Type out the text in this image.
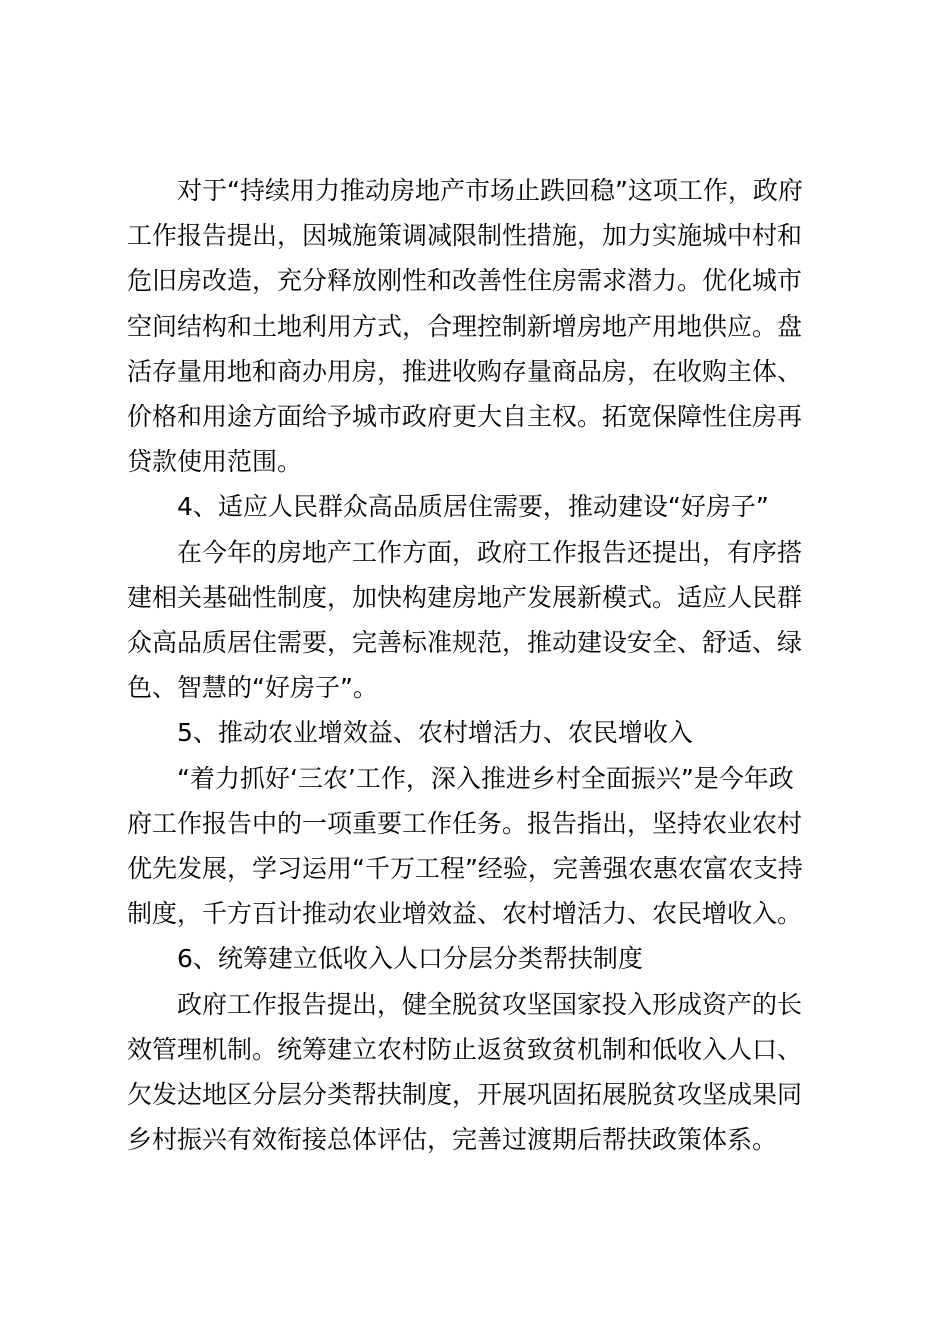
对于“持续用力推动房地产市场止跌回稳”这项工作，政府
工作报告提出，因城施策调减限制性措施，加力实施城中村和
危旧房改造，充分释放刚性和改善性住房需求潜力。优化城市
空间结构和土地利用方式，合理控制新增房地产用地供应。盘
活存量用地和商办用房，推进收购存量商品房，在收购主体、
价格和用途方面给予城市政府更大自主权。拓宽保障性住房再
贷款使用范围。

4、适应人民群众高品质居住需要，推动建设“好房子”

在今年的房地产工作方面，政府工作报告还提出，有序搭
建相关基础性制度，加快构建房地产发展新模式。适应人民群
众高品质居住需要，完善标准规范，推动建设安全、舒适、绿
色、智慧的“好房子”。

5、推动农业增效益、农村增活力、农民增收入

“着力抓好‘三农’工作，深入推进乡村全面振兴”是今年政
府工作报告中的一项重要工作任务。报告指出，坚持农业农村
优先发展，学习运用“千万工程”经验，完善强农惠农富农支持
制度，千方百计推动农业增效益、农村增活力、农民增收入。

6、统筹建立低收入人口分层分类帮扶制度

政府工作报告提出，健全脱贫攻坚国家投入形成资产的长
效管理机制。统筹建立农村防止返贫致贫机制和低收入人口、
欠发达地区分层分类帮扶制度，开展巩固拓展脱贫攻坚成果同
乡村振兴有效衔接总体评估，完善过渡期后帮扶政策体系。
